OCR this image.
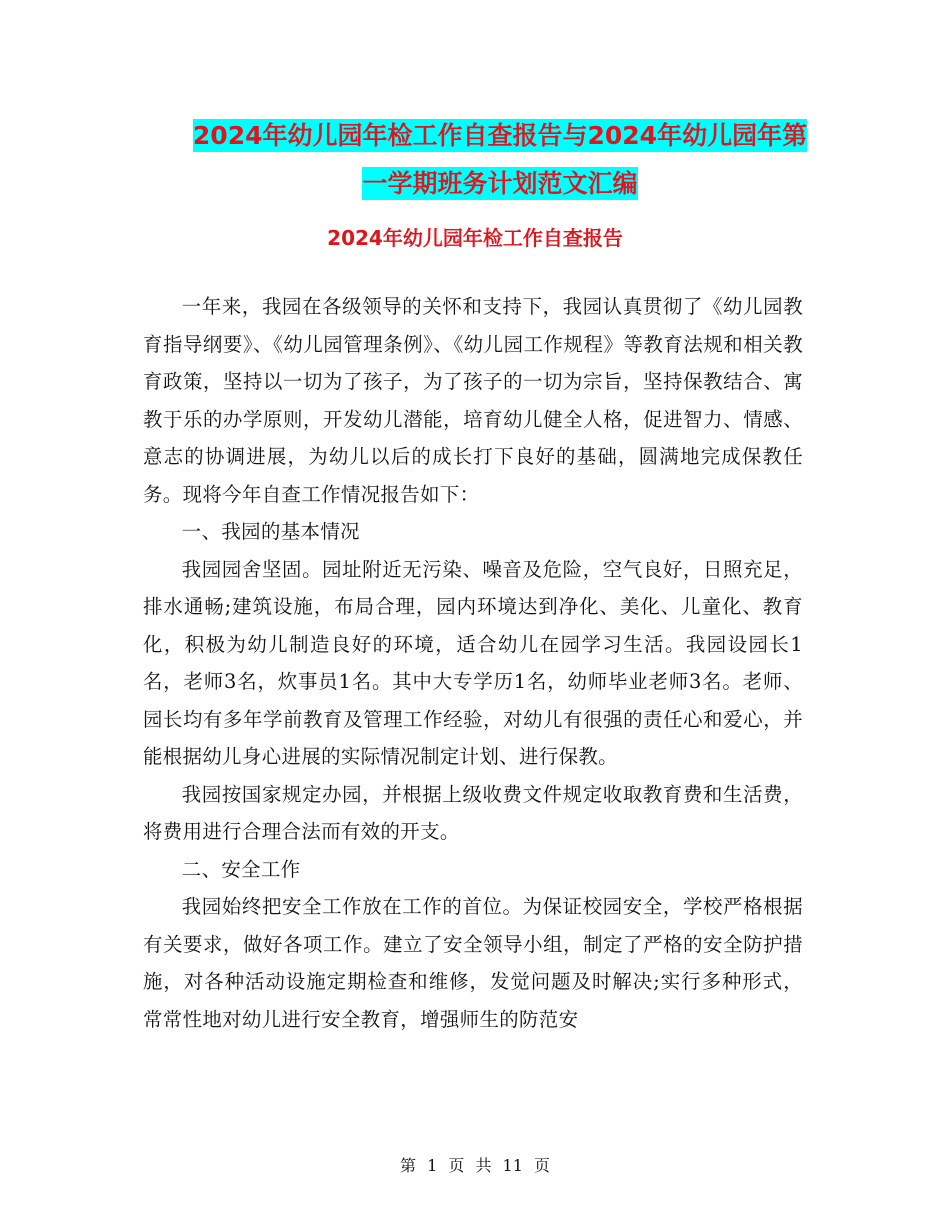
2024年幼儿园年检工作自查报告与2024年幼儿园年第
一学期班务计划范文汇编
2024年幼儿园年检工作自查报告

一年来，我园在各级领导的关怀和支持下，我园认真贯彻了《幼儿园教育指导纲要》、《幼儿园管理条例》、《幼儿园工作规程》等教育法规和相关教育政策，坚持以一切为了孩子，为了孩子的一切为宗旨，坚持保教结合、寓教于乐的办学原则，开发幼儿潜能，培育幼儿健全人格，促进智力、情感、意志的协调进展，为幼儿以后的成长打下良好的基础，圆满地完成保教任务。现将今年自查工作情况报告如下：

一、我园的基本情况

我园园舍坚固。园址附近无污染、噪音及危险，空气良好，日照充足，排水通畅;建筑设施，布局合理，园内环境达到净化、美化、儿童化、教育化，积极为幼儿制造良好的环境，适合幼儿在园学习生活。我园设园长1名，老师3名，炊事员1名。其中大专学历1名，幼师毕业老师3名。老师、园长均有多年学前教育及管理工作经验，对幼儿有很强的责任心和爱心，并能根据幼儿身心进展的实际情况制定计划、进行保教。

我园按国家规定办园，并根据上级收费文件规定收取教育费和生活费，将费用进行合理合法而有效的开支。

二、安全工作

我园始终把安全工作放在工作的首位。为保证校园安全，学校严格根据有关要求，做好各项工作。建立了安全领导小组，制定了严格的安全防护措施，对各种活动设施定期检查和维修，发觉问题及时解决;实行多种形式，常常性地对幼儿进行安全教育，增强师生的防范安

第 1 页 共 11 页
